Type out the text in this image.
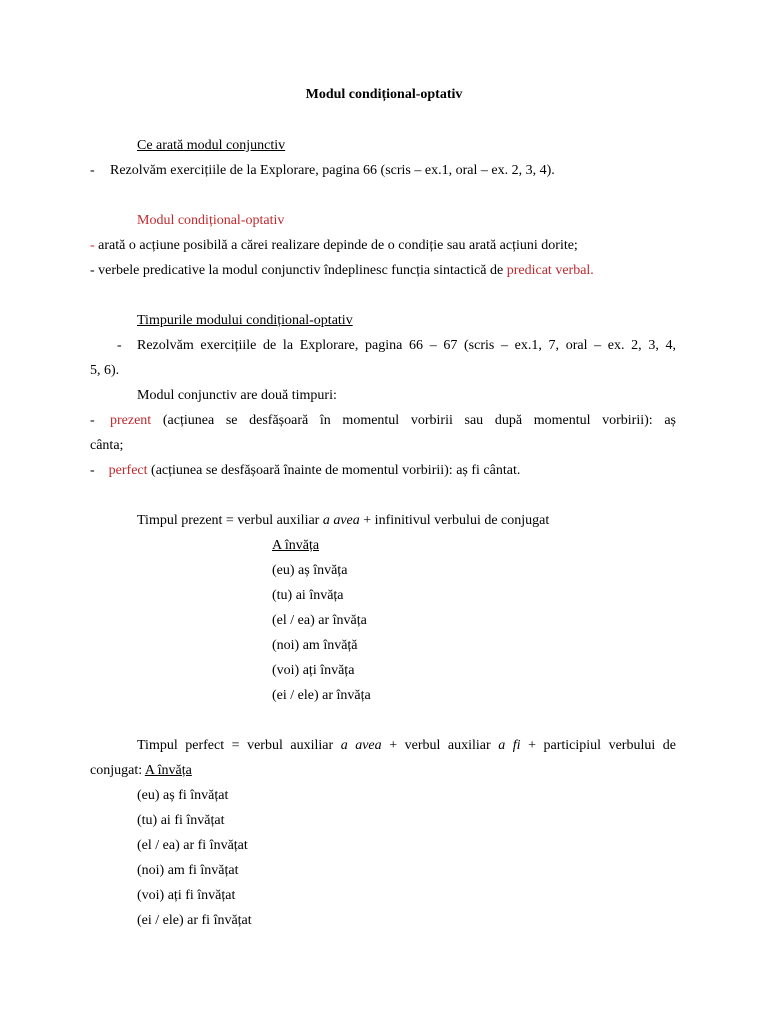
Modul condițional-optativ
Ce arată modul conjunctiv
- Rezolvăm exercițiile de la Explorare, pagina 66 (scris – ex.1, oral – ex. 2, 3, 4).
Modul condițional-optativ
- arată o acțiune posibilă a cărei realizare depinde de o condiție sau arată acțiuni dorite;
- verbele predicative la modul conjunctiv îndeplinesc funcția sintactică de predicat verbal.
Timpurile modului condițional-optativ
- Rezolvăm exercițiile de la Explorare, pagina 66 – 67 (scris – ex.1, 7, oral – ex. 2, 3, 4,
5, 6).
Modul conjunctiv are două timpuri:
- prezent (acțiunea se desfășoară în momentul vorbirii sau după momentul vorbirii): aș
cânta;
- perfect (acțiunea se desfășoară înainte de momentul vorbirii): aș fi cântat.
Timpul prezent = verbul auxiliar a avea + infinitivul verbului de conjugat
A învăța
(eu) aș învăța
(tu) ai învăța
(el / ea) ar învăța
(noi) am învăță
(voi) ați învăța
(ei / ele) ar învăța
Timpul perfect = verbul auxiliar a avea + verbul auxiliar a fi + participiul verbului de
conjugat: A învăța
(eu) aș fi învățat
(tu) ai fi învățat
(el / ea) ar fi învățat
(noi) am fi învățat
(voi) ați fi învățat
(ei / ele) ar fi învățat
